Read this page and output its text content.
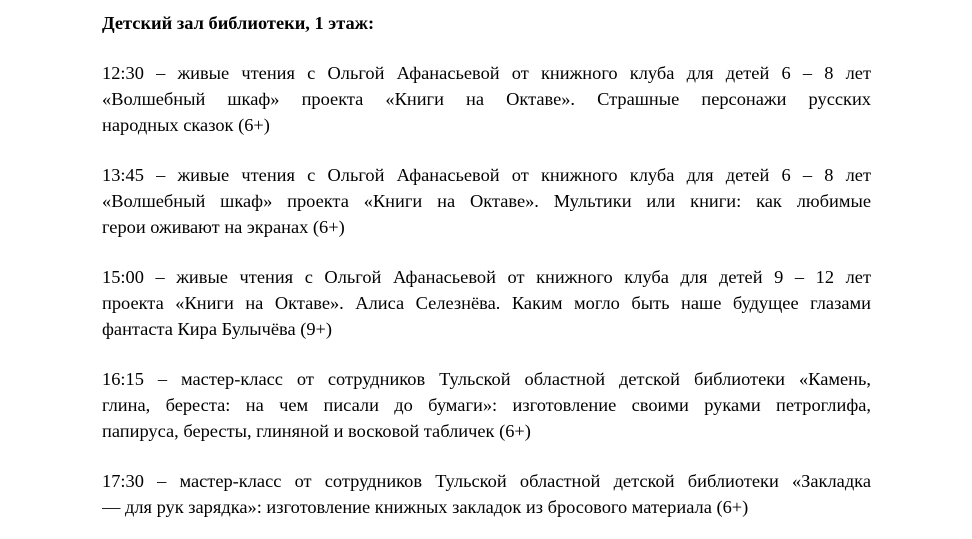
Детский зал библиотеки, 1 этаж:
12:30 – живые чтения с Ольгой Афанасьевой от книжного клуба для детей 6 – 8 лет
«Волшебный шкаф» проекта «Книги на Октаве». Страшные персонажи русских
народных сказок (6+)
13:45 – живые чтения с Ольгой Афанасьевой от книжного клуба для детей 6 – 8 лет
«Волшебный шкаф» проекта «Книги на Октаве». Мультики или книги: как любимые
герои оживают на экранах (6+)
15:00 – живые чтения с Ольгой Афанасьевой от книжного клуба для детей 9 – 12 лет
проекта «Книги на Октаве». Алиса Селезнёва. Каким могло быть наше будущее глазами
фантаста Кира Булычёва (9+)
16:15 – мастер-класс от сотрудников Тульской областной детской библиотеки «Камень,
глина, береста: на чем писали до бумаги»: изготовление своими руками петроглифа,
папируса, бересты, глиняной и восковой табличек (6+)
17:30 – мастер-класс от сотрудников Тульской областной детской библиотеки «Закладка
— для рук зарядка»: изготовление книжных закладок из бросового материала (6+)
